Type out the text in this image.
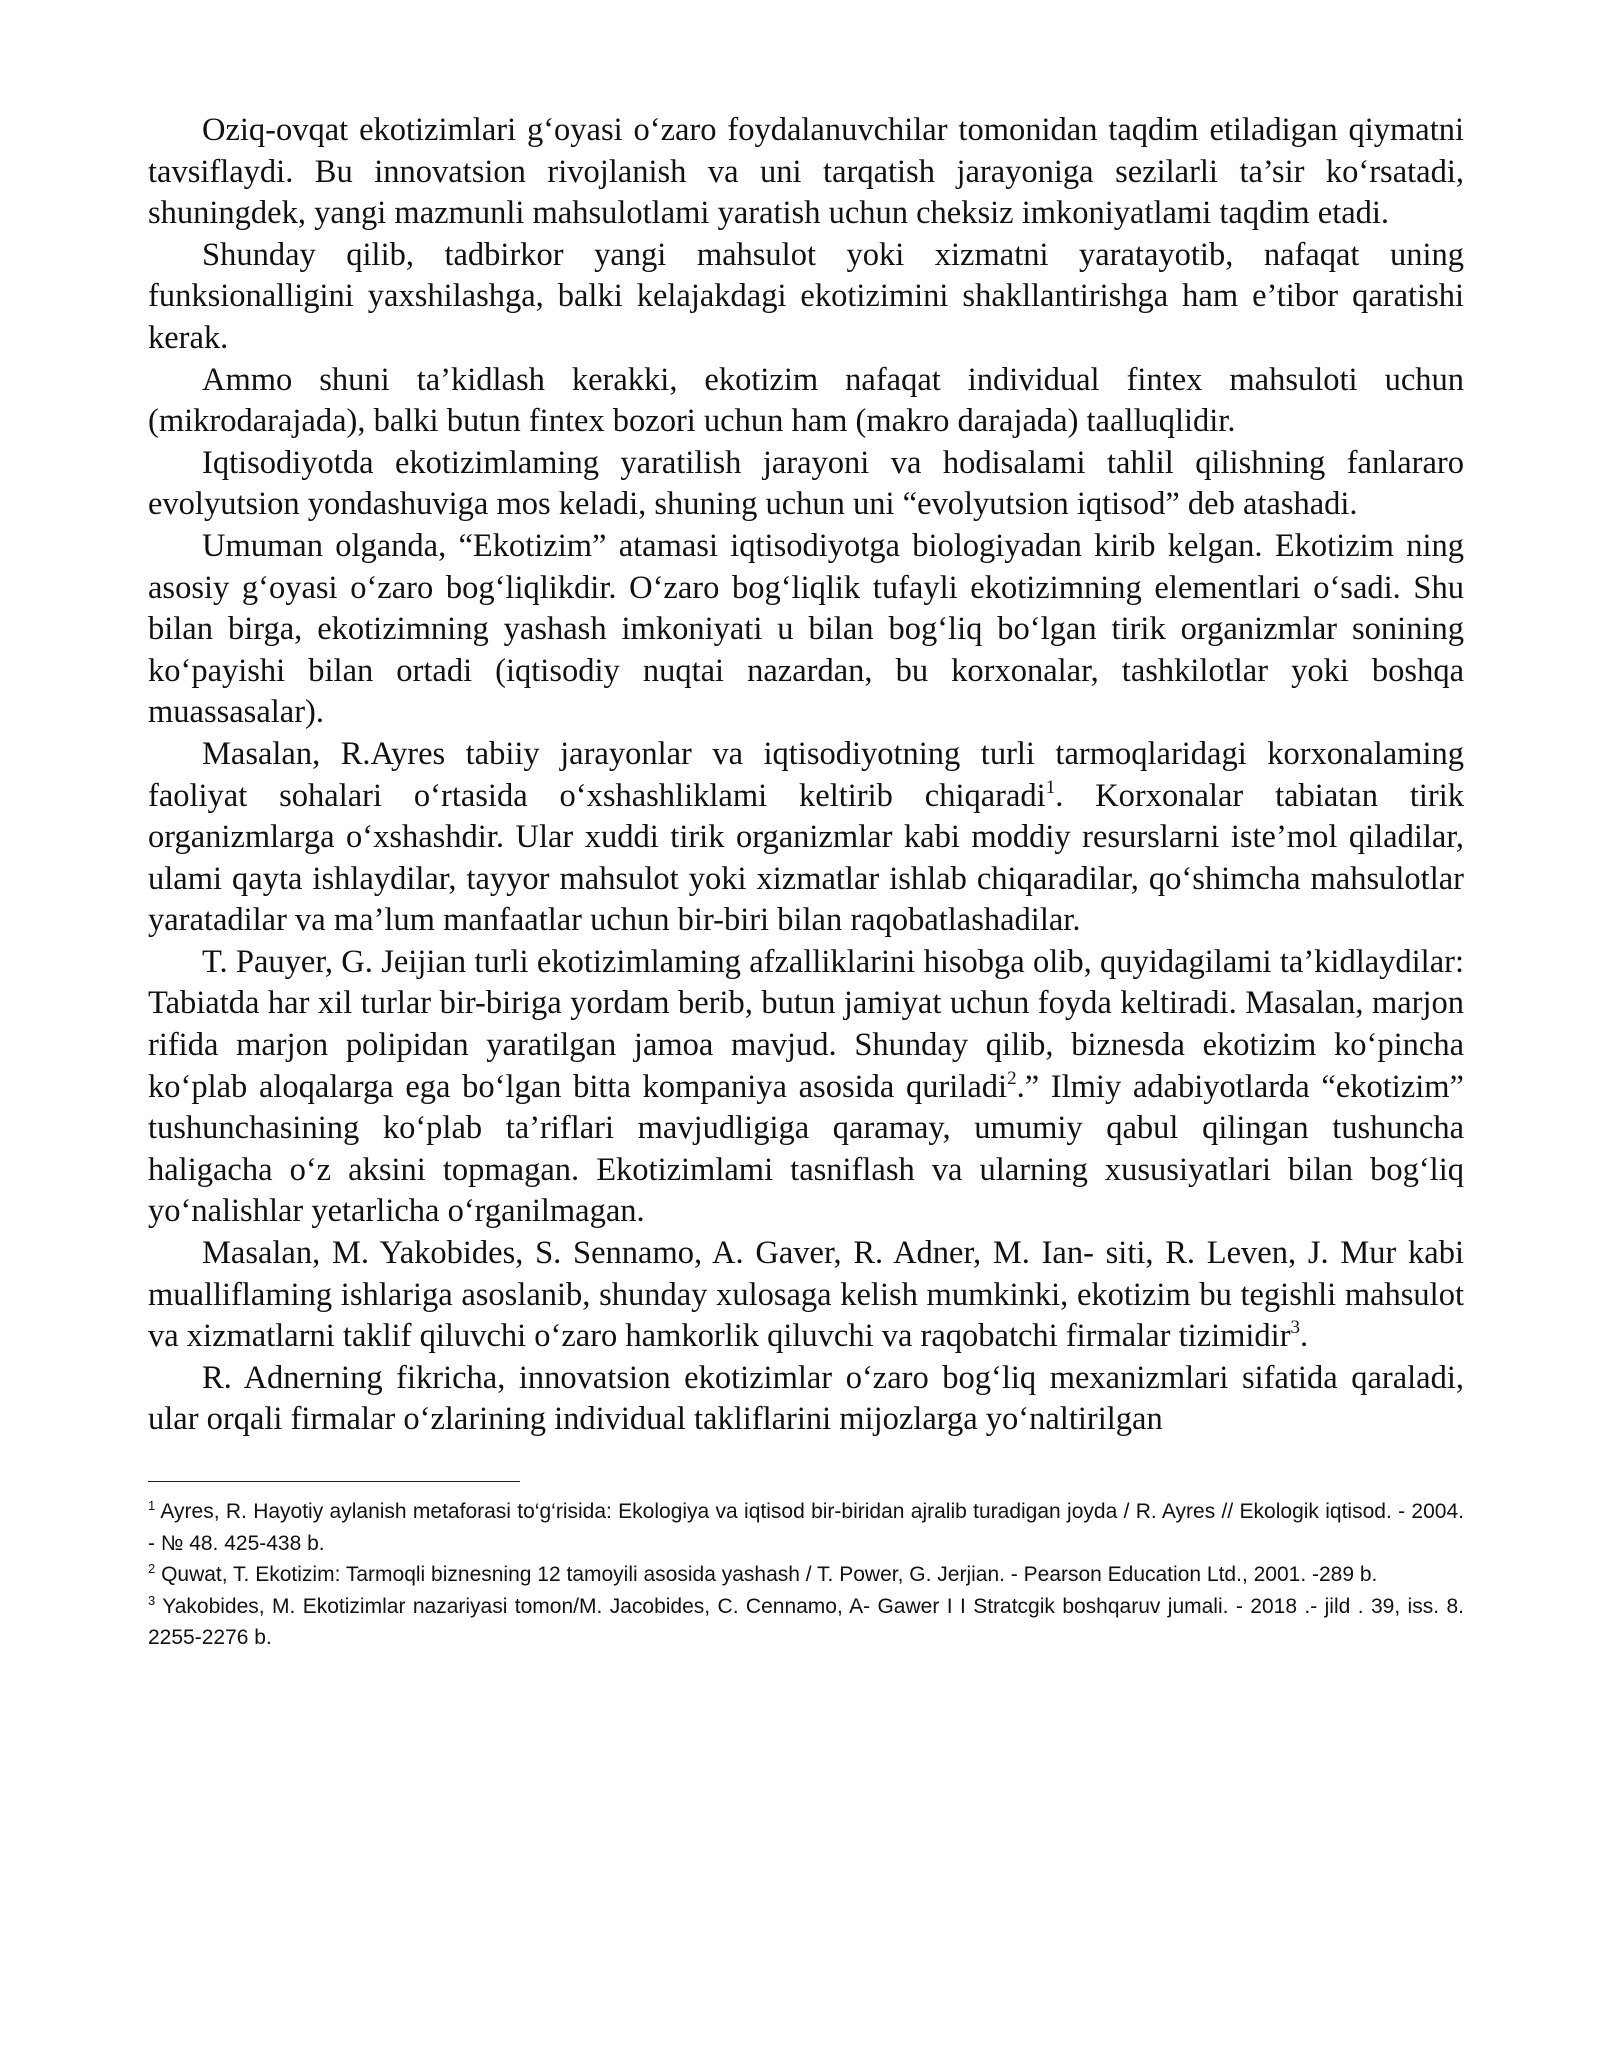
Oziq-ovqat ekotizimlari g‘oyasi o‘zaro foydalanuvchilar tomonidan taqdim etiladigan qiymatni tavsiflaydi. Bu innovatsion rivojlanish va uni tarqatish jarayoniga sezilarli ta’sir ko‘rsatadi, shuningdek, yangi mazmunli mahsulotlami yaratish uchun cheksiz imkoniyatlami taqdim etadi.

Shunday qilib, tadbirkor yangi mahsulot yoki xizmatni yaratayotib, nafaqat uning funksionalligini yaxshilashga, balki kelajakdagi ekotizimini shakllantirishga ham e’tibor qaratishi kerak.

Ammo shuni ta’kidlash kerakki, ekotizim nafaqat individual fintex mahsuloti uchun (mikrodarajada), balki butun fintex bozori uchun ham (makro darajada) taalluqlidir.

Iqtisodiyotda ekotizimlaming yaratilish jarayoni va hodisalami tahlil qilishning fanlararo evolyutsion yondashuviga mos keladi, shuning uchun uni “evolyutsion iqtisod” deb atashadi.

Umuman olganda, “Ekotizim” atamasi iqtisodiyotga biologiyadan kirib kelgan. Ekotizim ning asosiy g‘oyasi o‘zaro bog‘liqlikdir. O‘zaro bog‘liqlik tufayli ekotizimning elementlari o‘sadi. Shu bilan birga, ekotizimning yashash imkoniyati u bilan bog‘liq bo‘lgan tirik organizmlar sonining ko‘payishi bilan ortadi (iqtisodiy nuqtai nazardan, bu korxonalar, tashkilotlar yoki boshqa muassasalar).

Masalan, R.Ayres tabiiy jarayonlar va iqtisodiyotning turli tarmoqlaridagi korxonalaming faoliyat sohalari o‘rtasida o‘xshashliklami keltirib chiqaradi$^1$. Korxonalar tabiatan tirik organizmlarga o‘xshashdir. Ular xuddi tirik organizmlar kabi moddiy resurslarni iste’mol qiladilar, ulami qayta ishlaydilar, tayyor mahsulot yoki xizmatlar ishlab chiqaradilar, qo‘shimcha mahsulotlar yaratadilar va ma’lum manfaatlar uchun bir-biri bilan raqobatlashadilar.

T. Pauyer, G. Jeijian turli ekotizimlaming afzalliklarini hisobga olib, quyidagilami ta’kidlaydilar: Tabiatda har xil turlar bir-biriga yordam berib, butun jamiyat uchun foyda keltiradi. Masalan, marjon rifida marjon polipidan yaratilgan jamoa mavjud. Shunday qilib, biznesda ekotizim ko‘pincha ko‘plab aloqalarga ega bo‘lgan bitta kompaniya asosida quriladi$^2$.” Ilmiy adabiyotlarda “ekotizim” tushunchasining ko‘plab ta’riflari mavjudligiga qaramay, umumiy qabul qilingan tushuncha haligacha o‘z aksini topmagan. Ekotizimlami tasniflash va ularning xususiyatlari bilan bog‘liq yo‘nalishlar yetarlicha o‘rganilmagan.

Masalan, M. Yakobides, S. Sennamo, A. Gaver, R. Adner, M. Ian- siti, R. Leven, J. Mur kabi mualliflaming ishlariga asoslanib, shunday xulosaga kelish mumkinki, ekotizim bu tegishli mahsulot va xizmatlarni taklif qiluvchi o‘zaro hamkorlik qiluvchi va raqobatchi firmalar tizimidir$^3$.

R. Adnerning fikricha, innovatsion ekotizimlar o‘zaro bog‘liq mexanizmlari sifatida qaraladi, ular orqali firmalar o‘zlarining individual takliflarini mijozlarga yo‘naltirilgan

$^1$ Ayres, R. Hayotiy aylanish metaforasi to‘g‘risida: Ekologiya va iqtisod bir-biridan ajralib turadigan joyda / R. Ayres // Ekologik iqtisod. - 2004. - № 48. 425-438 b.

$^2$ Quwat, T. Ekotizim: Tarmoqli biznesning 12 tamoyili asosida yashash / T. Power, G. Jerjian. - Pearson Education Ltd., 2001. -289 b.

$^3$ Yakobides, M. Ekotizimlar nazariyasi tomon/M. Jacobides, C. Cennamo, A- Gawer I I Stratcgik boshqaruv jumali. - 2018 .- jild . 39, iss. 8. 2255-2276 b.
